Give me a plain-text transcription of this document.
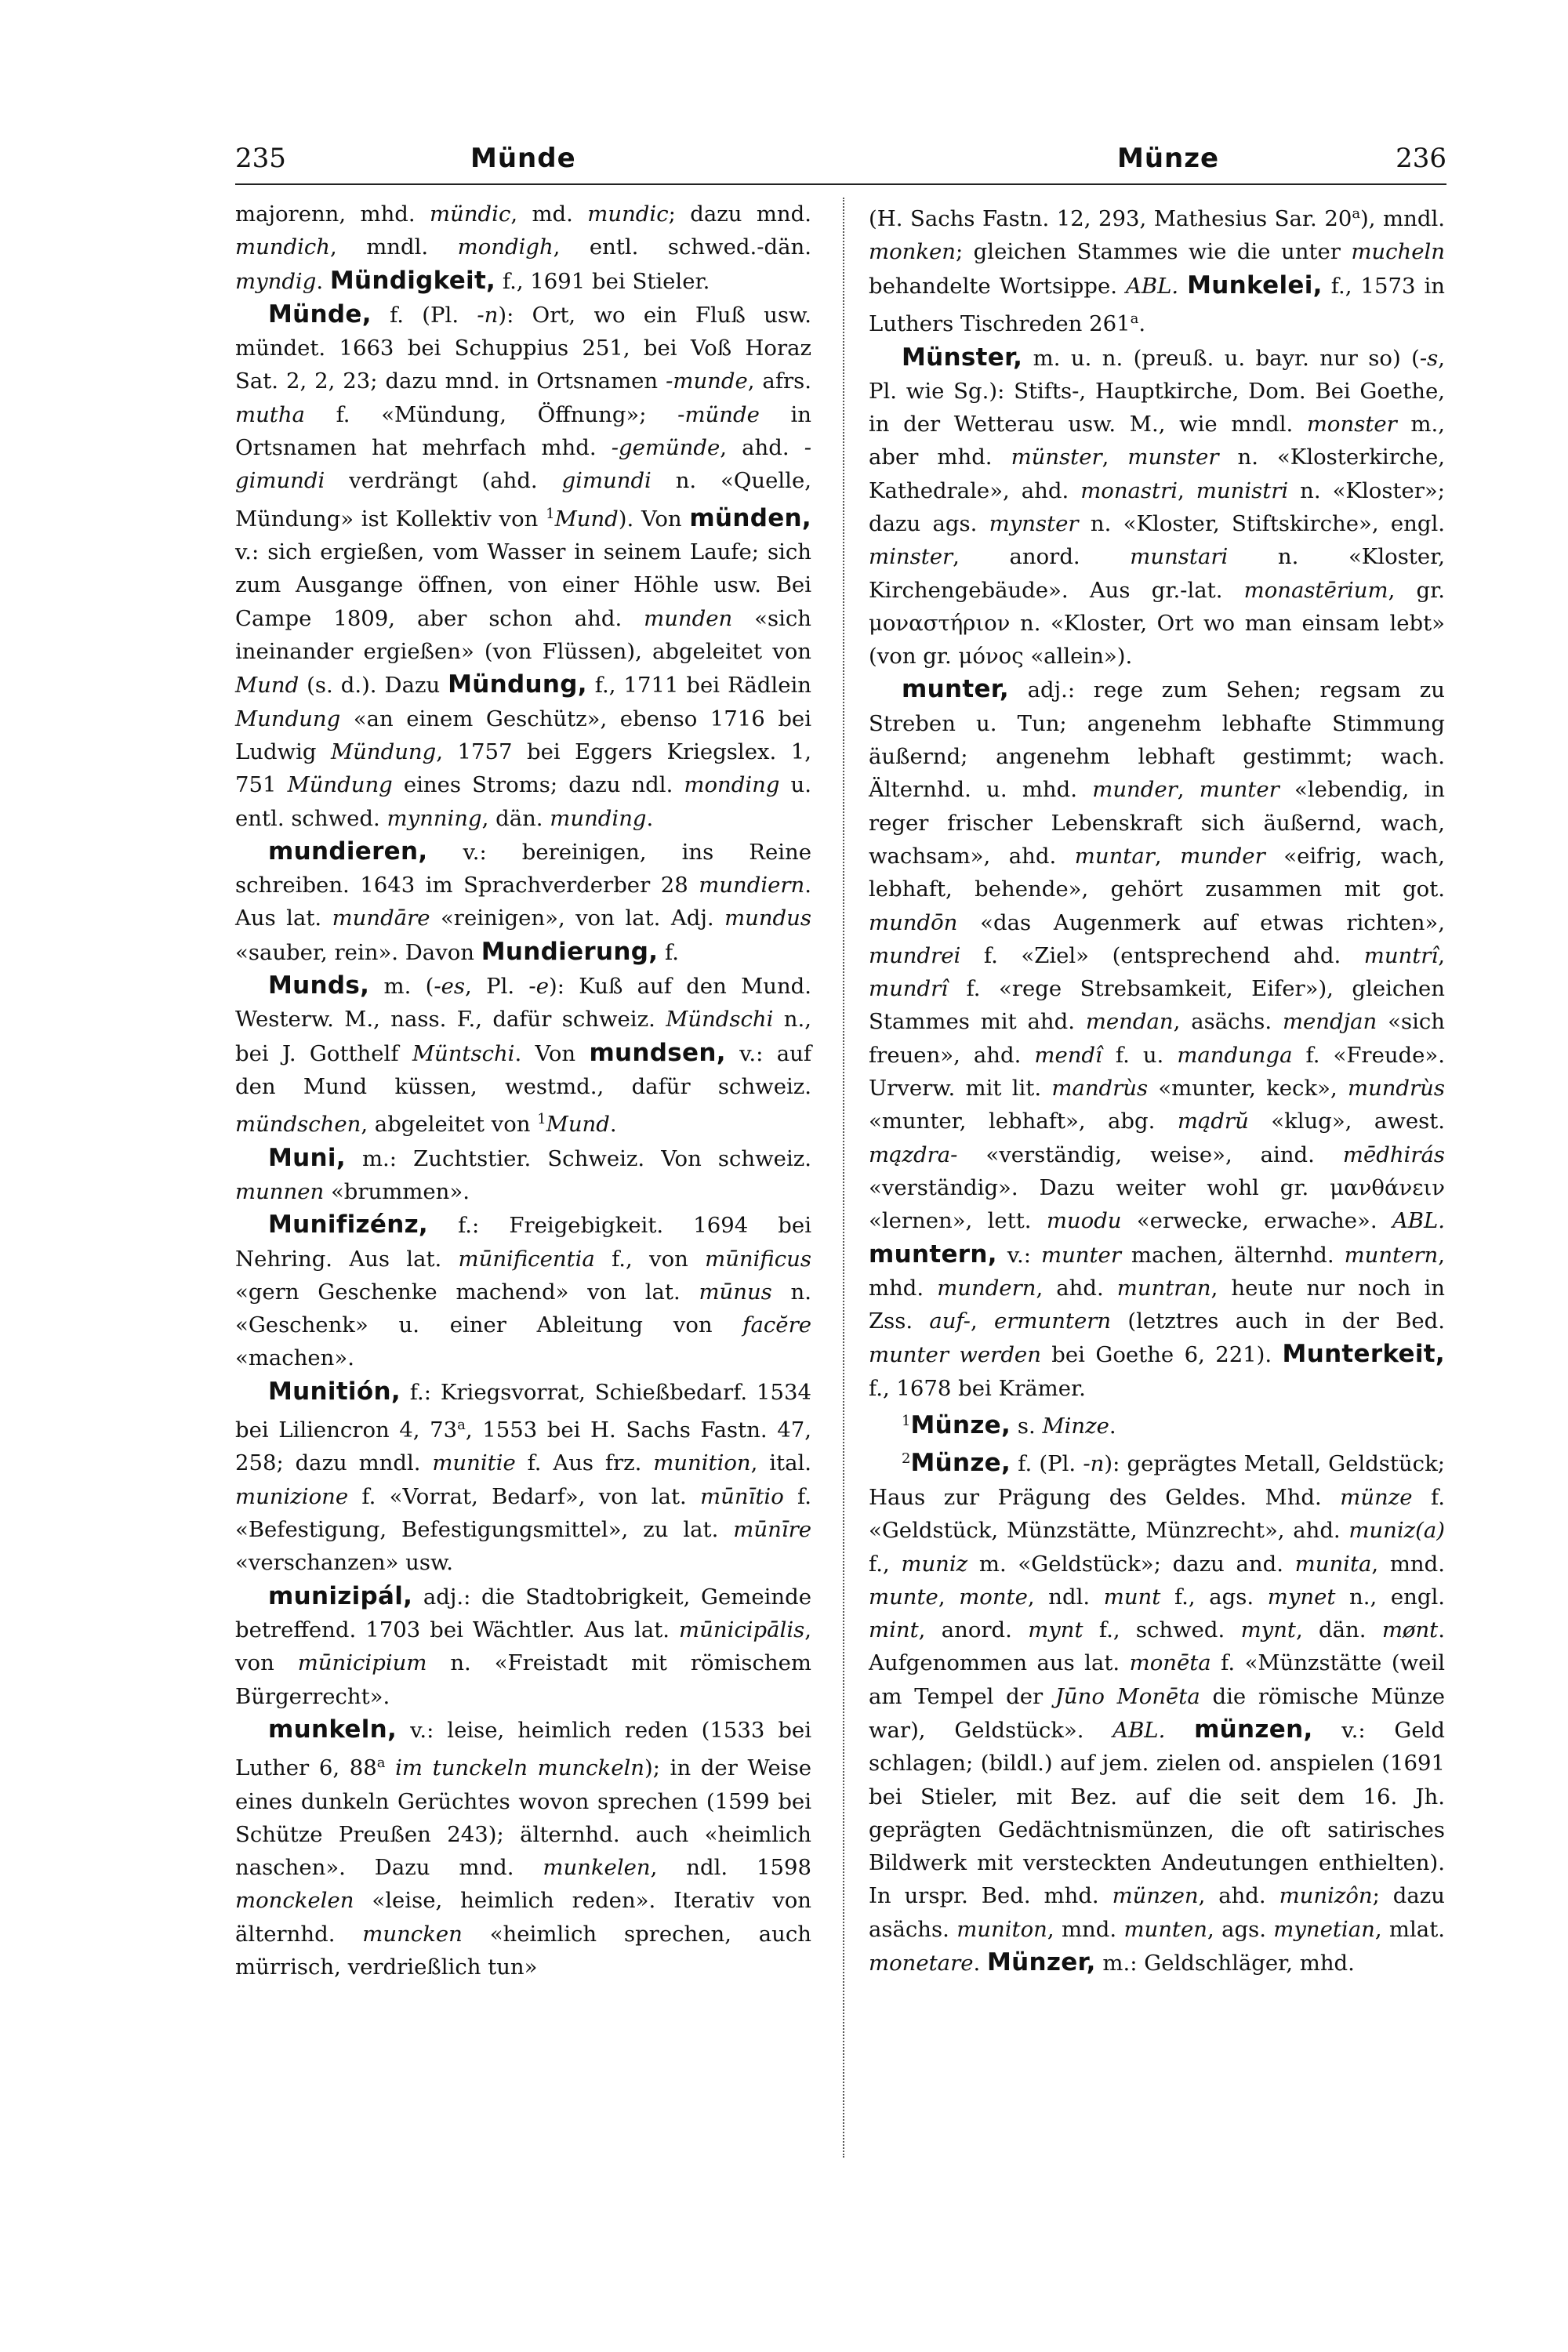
235	Münde	Münze	236

majorenn, mhd. mündic, md. mundic; dazu mnd. mundich, mndl. mondigh, entl. schwed.-dän. myndig. Mündigkeit, f., 1691 bei Stieler.

Münde, f. (Pl. -n): Ort, wo ein Fluß usw. mündet. 1663 bei Schuppius 251, bei Voß Horaz Sat. 2, 2, 23; dazu mnd. in Ortsnamen -munde, afrs. mutha f. «Mündung, Öffnung»; -münde in Ortsnamen hat mehrfach mhd. -gemünde, ahd. -gimundi verdrängt (ahd. gimundi n. «Quelle, Mündung» ist Kollektiv von $^1$Mund). Von münden, v.: sich ergießen, vom Wasser in seinem Laufe; sich zum Ausgange öffnen, von einer Höhle usw. Bei Campe 1809, aber schon ahd. munden «sich ineinander ergießen» (von Flüssen), abgeleitet von Mund (s. d.). Dazu Mündung, f., 1711 bei Rädlein Mundung «an einem Geschütz», ebenso 1716 bei Ludwig Mündung, 1757 bei Eggers Kriegslex. 1, 751 Mündung eines Stroms; dazu ndl. monding u. entl. schwed. mynning, dän. munding.

mundieren, v.: bereinigen, ins Reine schreiben. 1643 im Sprachverderber 28 mundiern. Aus lat. mundāre «reinigen», von lat. Adj. mundus «sauber, rein». Davon Mundierung, f.

Munds, m. (-es, Pl. -e): Kuß auf den Mund. Westerw. M., nass. F., dafür schweiz. Mündschi n., bei J. Gotthelf Müntschi. Von mundsen, v.: auf den Mund küssen, westmd., dafür schweiz. mündschen, abgeleitet von $^1$Mund.

Muni, m.: Zuchtstier. Schweiz. Von schweiz. munnen «brummen».

Munifizénz, f.: Freigebigkeit. 1694 bei Nehring. Aus lat. mūnificentia f., von mūnificus «gern Geschenke machend» von lat. mūnus n. «Geschenk» u. einer Ableitung von facĕre «machen».

Munitión, f.: Kriegsvorrat, Schießbedarf. 1534 bei Liliencron 4, 73$^a$, 1553 bei H. Sachs Fastn. 47, 258; dazu mndl. munitie f. Aus frz. munition, ital. munizione f. «Vorrat, Bedarf», von lat. mūnītio f. «Befestigung, Befestigungsmittel», zu lat. mūnīre «verschanzen» usw.

munizipál, adj.: die Stadtobrigkeit, Gemeinde betreffend. 1703 bei Wächtler. Aus lat. mūnicipālis, von mūnicipium n. «Freistadt mit römischem Bürgerrecht».

munkeln, v.: leise, heimlich reden (1533 bei Luther 6, 88$^a$ im tunckeln munckeln); in der Weise eines dunkeln Gerüchtes wovon sprechen (1599 bei Schütze Preußen 243); älternhd. auch «heimlich naschen». Dazu mnd. munkelen, ndl. 1598 monckelen «leise, heimlich reden». Iterativ von älternhd. muncken «heimlich sprechen, auch mürrisch, verdrießlich tun»

(H. Sachs Fastn. 12, 293, Mathesius Sar. 20$^a$), mndl. monken; gleichen Stammes wie die unter mucheln behandelte Wortsippe. ABL. Munkelei, f., 1573 in Luthers Tischreden 261$^a$.

Münster, m. u. n. (preuß. u. bayr. nur so) (-s, Pl. wie Sg.): Stifts-, Hauptkirche, Dom. Bei Goethe, in der Wetterau usw. M., wie mndl. monster m., aber mhd. münster, munster n. «Klosterkirche, Kathedrale», ahd. monastri, munistri n. «Kloster»; dazu ags. mynster n. «Kloster, Stiftskirche», engl. minster, anord. munstari n. «Kloster, Kirchengebäude». Aus gr.-lat. monastērium, gr. μοναστήριον n. «Kloster, Ort wo man einsam lebt» (von gr. μόνος «allein»).

munter, adj.: rege zum Sehen; regsam zu Streben u. Tun; angenehm lebhafte Stimmung äußernd; angenehm lebhaft gestimmt; wach. Älternhd. u. mhd. munder, munter «lebendig, in reger frischer Lebenskraft sich äußernd, wach, wachsam», ahd. muntar, munder «eifrig, wach, lebhaft, behende», gehört zusammen mit got. mundōn «das Augenmerk auf etwas richten», mundrei f. «Ziel» (entsprechend ahd. muntrî, mundrî f. «rege Strebsamkeit, Eifer»), gleichen Stammes mit ahd. mendan, asächs. mendjan «sich freuen», ahd. mendî f. u. mandunga f. «Freude». Urverw. mit lit. mandrùs «munter, keck», mundrùs «munter, lebhaft», abg. mądrŭ «klug», awest. mązdra- «verständig, weise», aind. mēdhirás «verständig». Dazu weiter wohl gr. μανθάνειν «lernen», lett. muodu «erwecke, erwache». ABL. muntern, v.: munter machen, älternhd. muntern, mhd. mundern, ahd. muntran, heute nur noch in Zss. auf-, ermuntern (letztres auch in der Bed. munter werden bei Goethe 6, 221). Munterkeit, f., 1678 bei Krämer.

$^1$Münze, s. Minze.

$^2$Münze, f. (Pl. -n): geprägtes Metall, Geldstück; Haus zur Prägung des Geldes. Mhd. münze f. «Geldstück, Münzstätte, Münzrecht», ahd. muniz(a) f., muniz m. «Geldstück»; dazu and. munita, mnd. munte, monte, ndl. munt f., ags. mynet n., engl. mint, anord. mynt f., schwed. mynt, dän. mønt. Aufgenommen aus lat. monēta f. «Münzstätte (weil am Tempel der Jūno Monēta die römische Münze war), Geldstück». ABL. münzen, v.: Geld schlagen; (bildl.) auf jem. zielen od. anspielen (1691 bei Stieler, mit Bez. auf die seit dem 16. Jh. geprägten Gedächtnismünzen, die oft satirisches Bildwerk mit versteckten Andeutungen enthielten). In urspr. Bed. mhd. münzen, ahd. munizôn; dazu asächs. muniton, mnd. munten, ags. mynetian, mlat. monetare. Münzer, m.: Geldschläger, mhd.
